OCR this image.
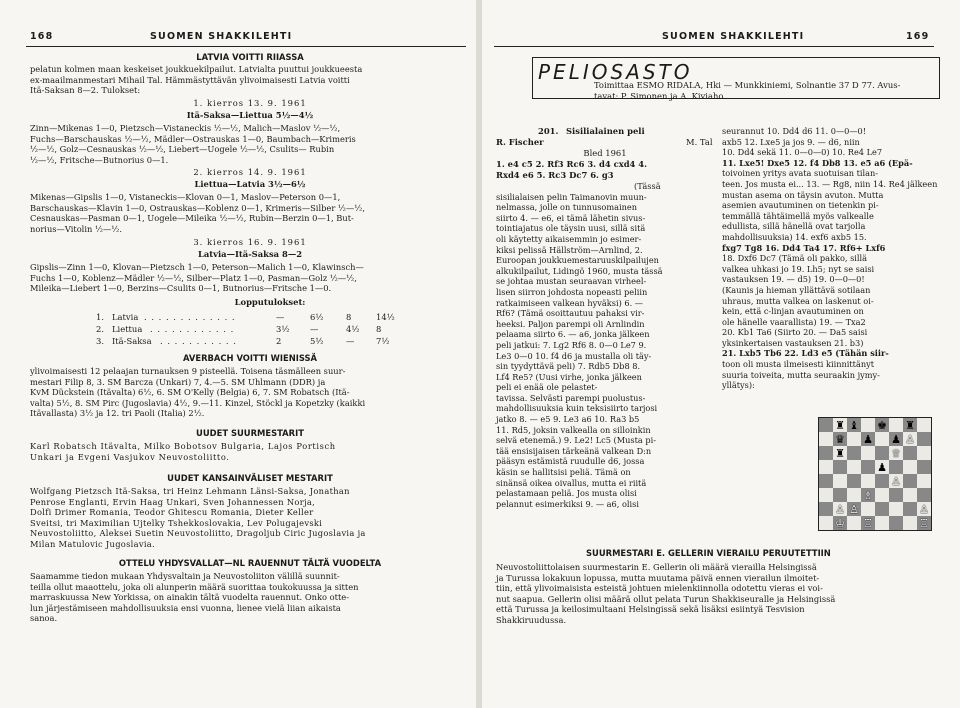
168	SUOMEN SHAKKILEHTI
LATVIA VOITTI RIIASSA
pelatun kolmen maan keskeiset joukkuekilpailut. Latvialta puuttui joukkueesta
ex-maailmanmestari Mihail Tal. Hämmästyttävän ylivoimaisesti Latvia voitti
Itä-Saksan 8—2. Tulokset:
1. kierros 13. 9. 1961
Itä-Saksa—Liettua 5½—4½
Zinn—Mikenas 1—0, Pietzsch—Vistaneckis ½—½, Malich—Maslov ½—½,
Fuchs—Barschauskas ½—½, Mädler—Ostrauskas 1—0, Baumbach—Krimeris
½—½, Golz—Cesnauskas ½—½, Liebert—Uogele ½—½, Csulits— Rubin
½—½, Fritsche—Butnorius 0—1.
2. kierros 14. 9. 1961
Liettua—Latvia 3½—6½
Mikenas—Gipslis 1—0, Vistaneckis—Klovan 0—1, Maslov—Peterson 0—1,
Barschauskas—Klavin 1—0, Ostrauskas—Koblenz 0—1, Krimeris—Silber ½—½,
Cesnauskas—Pasman 0—1, Uogele—Mileika ½—½, Rubin—Berzin 0—1, But-
norius—Vitolin ½—½.
3. kierros 16. 9. 1961
Latvia—Itä-Saksa 8—2
Gipslis—Zinn 1—0, Klovan—Pietzsch 1—0, Peterson—Malich 1—0, Klawinsch—
Fuchs 1—0, Koblenz—Mädler ½—½, Silber—Platz 1—0, Pasman—Golz ½—½,
Mileika—Liebert 1—0, Berzins—Csulits 0—1, Butnorius—Fritsche 1—0.
Lopputulokset:
1. Latvia . . . . . . . . . . . . .	—	6½	8	14½
2. Liettua . . . . . . . . . . . .	3½ —	4½ 8
3. Itä-Saksa . . . . . . . . . . .	2	5½	—	7½
AVERBACH VOITTI WIENISSÄ
ylivoimaisesti 12 pelaajan turnauksen 9 pisteellä. Toisena täsmälleen suur-
mestari Filip 8, 3. SM Barcza (Unkari) 7, 4.—5. SM Uhlmann (DDR) ja
KvM Dückstein (Itävalta) 6½, 6. SM O'Kelly (Belgia) 6, 7. SM Robatsch (Itä-
valta) 5½, 8. SM Pirc (Jugoslavia) 4½, 9.—11. Kinzel, Stöckl ja Kopetzky (kaikki
Itävallasta) 3½ ja 12. tri Paoli (Italia) 2½.
UUDET SUURMESTARIT
Karl Robatsch Itävalta, Milko Bobotsov Bulgaria, Lajos Portisch
Unkari ja Evgeni Vasjukov Neuvostoliitto.
UUDET KANSAINVÄLISET MESTARIT
Wolfgang Pietzsch Itä-Saksa, tri Heinz Lehmann Länsi-Saksa, Jonathan
Penrose Englanti, Ervin Haag Unkari, Sven Johannessen Norja,
Dolfi Drimer Romania, Teodor Ghitescu Romania, Dieter Keller
Sveitsi, tri Maximilian Ujtelky Tshekkoslovakia, Lev Polugajevski
Neuvostoliitto, Aleksei Suetin Neuvostoliitto, Dragoljub Ciric Jugoslavia ja
Milan Matulovic Jugoslavia.
OTTELU YHDYSVALLAT—NL RAUENNUT TÄLTÄ VUODELTA
Saamamme tiedon mukaan Yhdysvaltain ja Neuvostoliiton välillä suunnit-
teilla ollut maaottelu, joka oli alunperin määrä suorittaa toukokuussa ja sitten
marraskuussa New Yorkissa, on ainakin tältä vuodelta rauennut. Onko otte-
lun järjestämiseen mahdollisuuksia ensi vuonna, lienee vielä liian aikaista
sanoa.
SUOMEN SHAKKILEHTI	169
PELIOSASTO
Toimittaa ESMO RIDALA, Hki — Munkkiniemi, Solnantie 37 D 77. Avus-
tavat: P. Simonen ja A. Kiviaho.
201. Sisilialainen peli
R. Fischer	M. Tal
Bled 1961
1. e4 c5 2. Rf3 Rc6 3. d4 cxd4 4.
Rxd4 e6 5. Rc3 Dc7 6. g3
(Tässä
sisilialaisen pelin Taimanovin muun-
nelmassa, jolle on tunnusomainen
siirto 4. — e6, ei tämä lähetin sivus-
tointiajatus ole täysin uusi, sillä sitä
oli käytetty aikaisemmin jo esimer-
kiksi pelissä Hällström—Arnlind, 2.
Euroopan joukkuemestaruuskilpailujen
alkukilpailut, Lidingö 1960, musta tässä
se johtaa mustan seuraavan virheel-
lisen siirron johdosta nopeasti peliin
ratkaimiseen valkean hyväksi) 6. —
Rf6? (Tämä osoittautuu pahaksi vir-
heeksi. Paljon parempi oli Arnlindin
pelaama siirto 6. — a6, jonka jälkeen
peli jatkui: 7. Lg2 Rf6 8. 0—0 Le7 9.
Le3 0—0 10. f4 d6 ja mustalla oli täy-
sin tyydyttävä peli) 7. Rdb5 Db8 8.
Lf4 Re5? (Uusi virhe, jonka jälkeen
peli ei enää ole pelastet-
tavissa. Selvästi parempi puolustus-
mahdollisuuksia kuin teksisiirto tarjosi
jatko 8. — e5 9. Le3 a6 10. Ra3 b5
11. Rd5, joksin valkealla on silloinkin
selvä etenemä.) 9. Le2! Lc5 (Musta pi-
tää ensisijaisen tärkeänä valkean D:n
pääsyn estämistä ruudulle d6, jossa
käsin se hallitsisi peliä. Tämä on
sinänsä oikea oivallus, mutta ei riitä
pelastamaan peliä. Jos musta olisi
pelannut esimerkiksi 9. — a6, olisi
seurannut 10. Dd4 d6 11. 0—0—0!
axb5 12. Lxe5 ja jos 9. — d6, niin
10. Dd4 sekä 11. 0—0—0) 10. Re4 Le7
11. Lxe5! Dxe5 12. f4 Db8 13. e5 a6 (Epä-
toivoinen yritys avata suotuisan tilan-
teen. Jos musta ei... 13. — Rg8, niin 14. Re4 jälkeen
mustan asema on täysin avuton. Mutta
asemien avautuminen on tietenkin pi-
temmällä tähtäimellä myös valkealle
edullista, sillä hänellä ovat tarjolla
mahdollisuuksia) 14. exf6 axb5 15.
fxg7 Tg8 16. Dd4 Ta4 17. Rf6+ Lxf6
18. Dxf6 Dc7 (Tämä oli pakko, sillä
valkea uhkasi jo 19. Lh5; nyt se saisi
vastauksen 19. — d5) 19. 0—0—0!
(Kaunis ja hieman yllättävä sotilaan
uhraus, mutta valkea on laskenut oi-
kein, että c-linjan avautuminen on
ole hänelle vaarallista) 19. — Txa2
20. Kb1 Ta6 (Siirto 20. — Da5 saisi
yksinkertaisen vastauksen 21. b3)
21. Lxb5 Tb6 22. Ld3 e5 (Tähän siir-
toon oli musta ilmeisesti kiinnittänyt
suuria toiveita, mutta seuraakin jymy-
yllätys):
♜ ♝ ♚ ♜
♛ ♟ ♟ ♙
♜	♕
♟
♙
♗
♙ ♙	♙
♔ ♖	♖
SUURMESTARI E. GELLERIN VIERAILU PERUUTETTIIN
Neuvostoliittolaisen suurmestarin E. Gellerin oli määrä vierailla Helsingissä
ja Turussa lokakuun lopussa, mutta muutama päivä ennen vierailun ilmoitet-
tiin, että ylivoimaisista esteistä johtuen mielenkiinnolla odotettu vieras ei voi-
nut saapua. Gellerin olisi määrä ollut pelata Turun Shakkiseuralle ja Helsingissä
että Turussa ja keilosimultaani Helsingissä sekä lisäksi esiintyä Tesvision
Shakkiruudussa.
